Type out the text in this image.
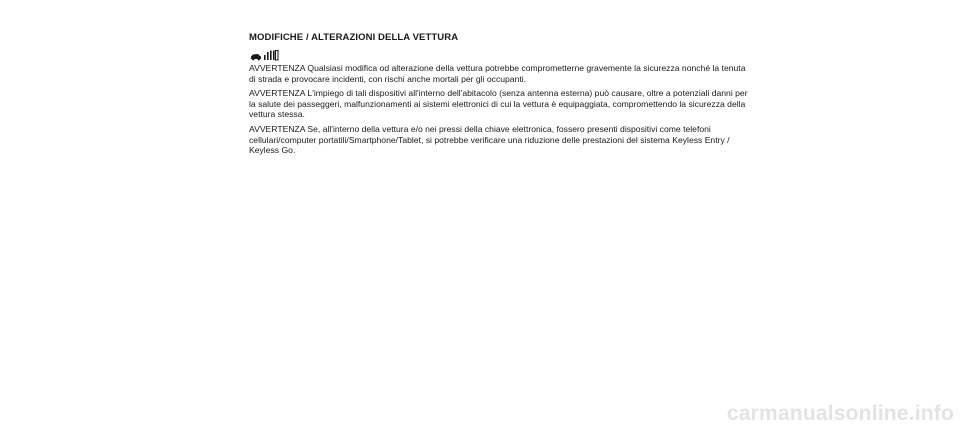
MODIFICHE / ALTERAZIONI DELLA VETTURA

AVVERTENZA Qualsiasi modifica od alterazione della vettura potrebbe comprometterne gravemente la sicurezza nonché la tenuta di strada e provocare incidenti, con rischi anche mortali per gli occupanti.

AVVERTENZA L'impiego di tali dispositivi all'interno dell'abitacolo (senza antenna esterna) può causare, oltre a potenziali danni per la salute dei passeggeri, malfunzionamenti ai sistemi elettronici di cui la vettura è equipaggiata, compromettendo la sicurezza della vettura stessa.

AVVERTENZA Se, all'interno della vettura e/o nei pressi della chiave elettronica, fossero presenti dispositivi come telefoni cellulari/computer portatili/Smartphone/Tablet, si potrebbe verificare una riduzione delle prestazioni del sistema Keyless Entry / Keyless Go.

carmanualsonline.info
